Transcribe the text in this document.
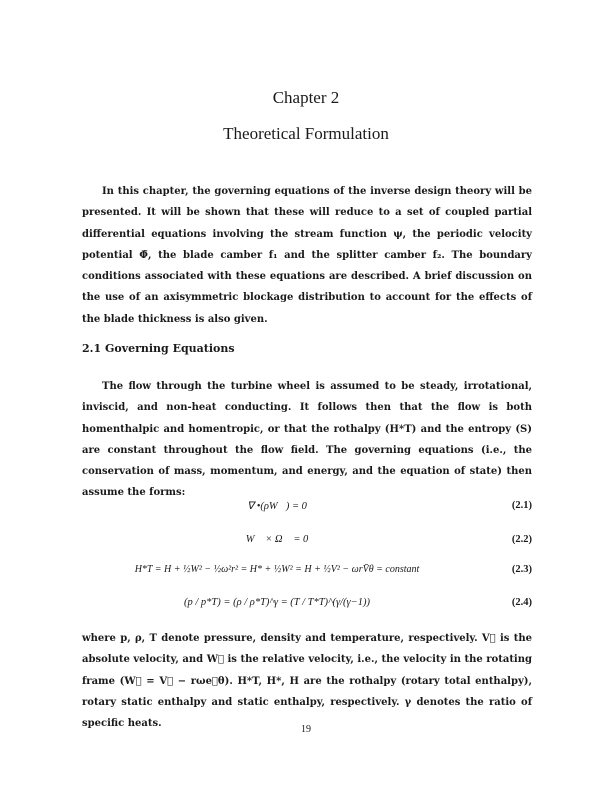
Chapter 2
Theoretical Formulation
In this chapter, the governing equations of the inverse design theory will be presented. It will be shown that these will reduce to a set of coupled partial differential equations involving the stream function ψ, the periodic velocity potential Φ̃, the blade camber f₁ and the splitter camber f₂. The boundary conditions associated with these equations are described. A brief discussion on the use of an axisymmetric blockage distribution to account for the effects of the blade thickness is also given.
2.1 Governing Equations
The flow through the turbine wheel is assumed to be steady, irrotational, inviscid, and non-heat conducting. It follows then that the flow is both homenthalpic and homentropic, or that the rothalpy (H*T) and the entropy (S) are constant throughout the flow field. The governing equations (i.e., the conservation of mass, momentum, and energy, and the equation of state) then assume the forms:
∇ •(ρW⃗) = 0	(2.1)
W⃗ × Ω⃗ = 0	(2.2)
H*T = H + ½W² − ½ω²r² = H* + ½W² = H + ½V² − ωrV̄θ = constant	(2.3)
(p / p*T) = (ρ / ρ*T)^γ = (T / T*T)^(γ/(γ−1))	(2.4)
where p, ρ, T denote pressure, density and temperature, respectively. V⃗ is the absolute velocity, and W⃗ is the relative velocity, i.e., the velocity in the rotating frame (W⃗ = V⃗ − rωe⃗θ). H*T, H*, H are the rothalpy (rotary total enthalpy), rotary static enthalpy and static enthalpy, respectively. γ denotes the ratio of specific heats.
19
